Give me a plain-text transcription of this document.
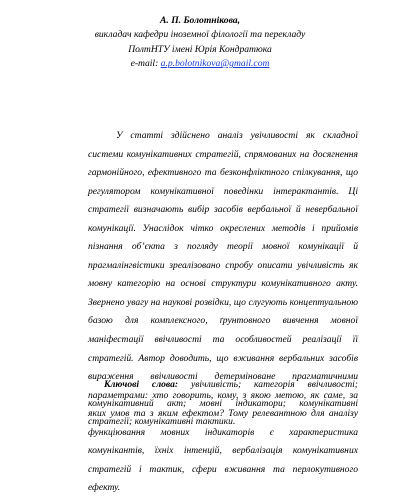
А. П. Болотнікова,
викладач кафедри іноземної філології та перекладу
ПолтНТУ імені Юрія Кондратюка
e-mail: a.p.bolotnikova@gmail.com

У статті здійснено аналіз увічливості як складної системи комунікативних стратегій, спрямованих на досягнення гармонійного, ефективного та безконфліктного спілкування, що регулятором комунікативної поведінки інтерактантів. Ці стратегії визначають вибір засобів вербальної й невербальної комунікації. Унаслідок чітко окреслених методів і прийомів пізнання об’єкта з погляду теорії мовної комунікації й прагмалінгвістики зреалізовано спробу описати увічливість як мовну категорію на основі структури комунікативного акту. Звернено увагу на наукові розвідки, що слугують концептуальною базою для комплексного, ґрунтовного вивчення мовної маніфестації ввічливості та особливостей реалізації її стратегій. Автор доводить, що вживання вербальних засобів вираження ввічливості детерміноване прагматичними параметрами: хто говорить, кому, з якою метою, як саме, за яких умов та з яким ефектом? Тому релевантною для аналізу функціювання мовних індикаторів є характеристика комунікантів, їхніх інтенцій, вербалізація комунікативних стратегій і тактик, сфери вживання та перлокутивного ефекту.

Ключові слова: увічливість; категорія ввічливості; комунікативний акт; мовні індикатори; комунікативні стратегії; комунікативні тактики.
